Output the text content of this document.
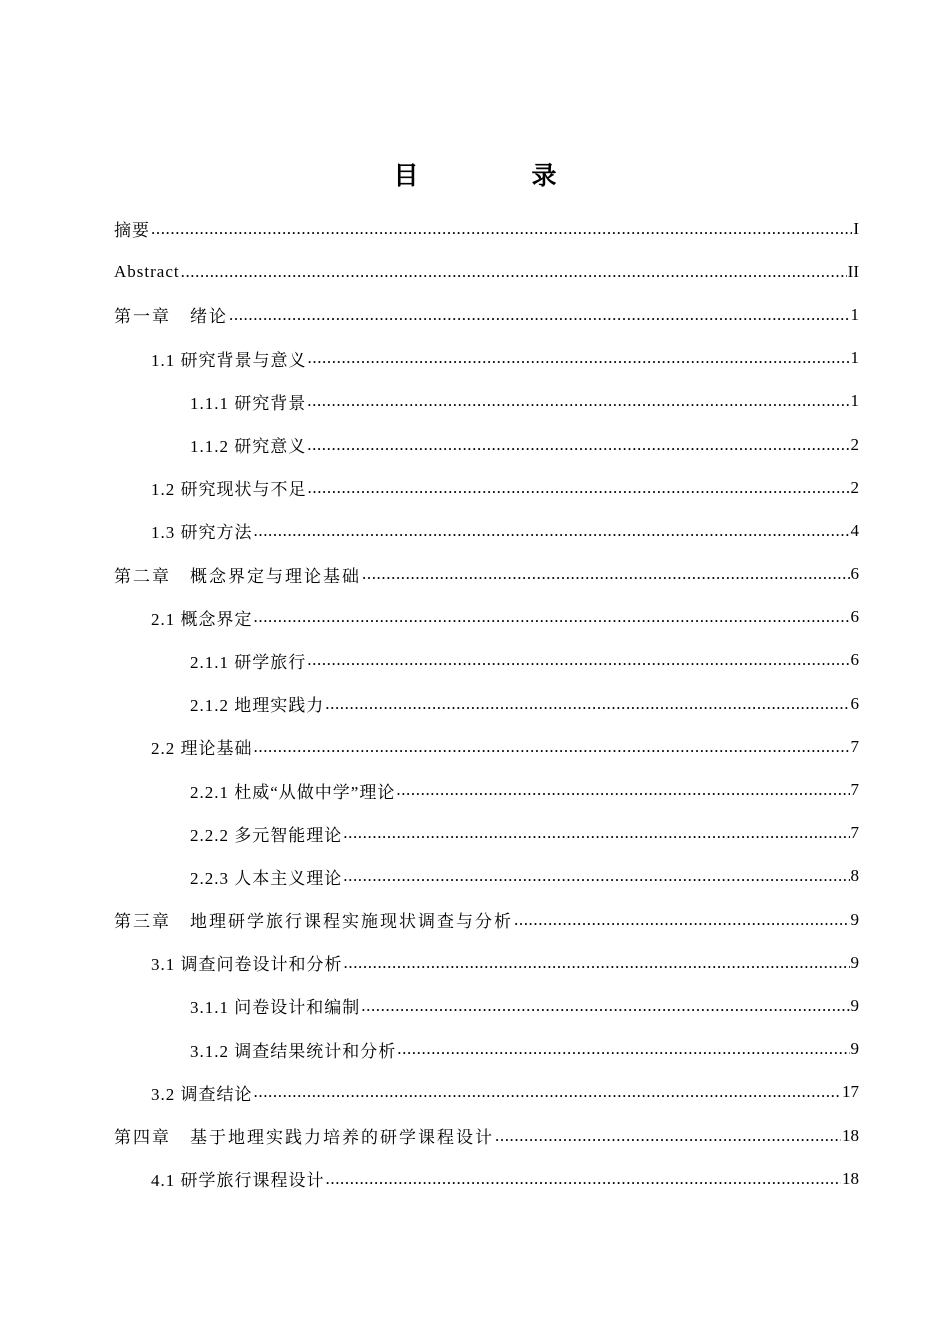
目　录
摘要 .....	I
Abstract .....	II
第一章　绪论 .....	1
1.1 研究背景与意义 .....	1
1.1.1 研究背景 .....	1
1.1.2 研究意义 .....	2
1.2 研究现状与不足 .....	2
1.3 研究方法 .....	4
第二章　概念界定与理论基础 .....	6
2.1 概念界定 .....	6
2.1.1 研学旅行 .....	6
2.1.2 地理实践力 .....	6
2.2 理论基础 .....	7
2.2.1 杜威“从做中学”理论 .....	7
2.2.2 多元智能理论 .....	7
2.2.3 人本主义理论 .....	8
第三章　地理研学旅行课程实施现状调查与分析 .....	9
3.1 调查问卷设计和分析 .....	9
3.1.1 问卷设计和编制 .....	9
3.1.2 调查结果统计和分析 .....	9
3.2 调查结论 .....	17
第四章　基于地理实践力培养的研学课程设计 .....	18
4.1 研学旅行课程设计 .....	18
